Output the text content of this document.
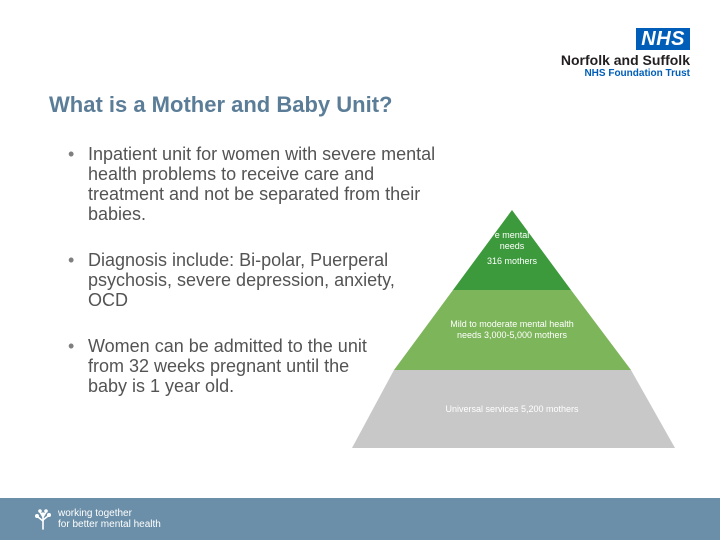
NHS
Norfolk and Suffolk
NHS Foundation Trust
What is a Mother and Baby Unit?
• Inpatient unit for women with severe mental health problems to receive care and treatment and not be separated from their babies.
• Diagnosis include: Bi-polar, Puerperal psychosis, severe depression, anxiety, OCD
• Women can be admitted to the unit from 32 weeks pregnant until the baby is 1 year old.
e mental
needs
316 mothers
Mild to moderate mental health
needs 3,000-5,000 mothers
Universal services 5,200 mothers
working together
for better mental health
